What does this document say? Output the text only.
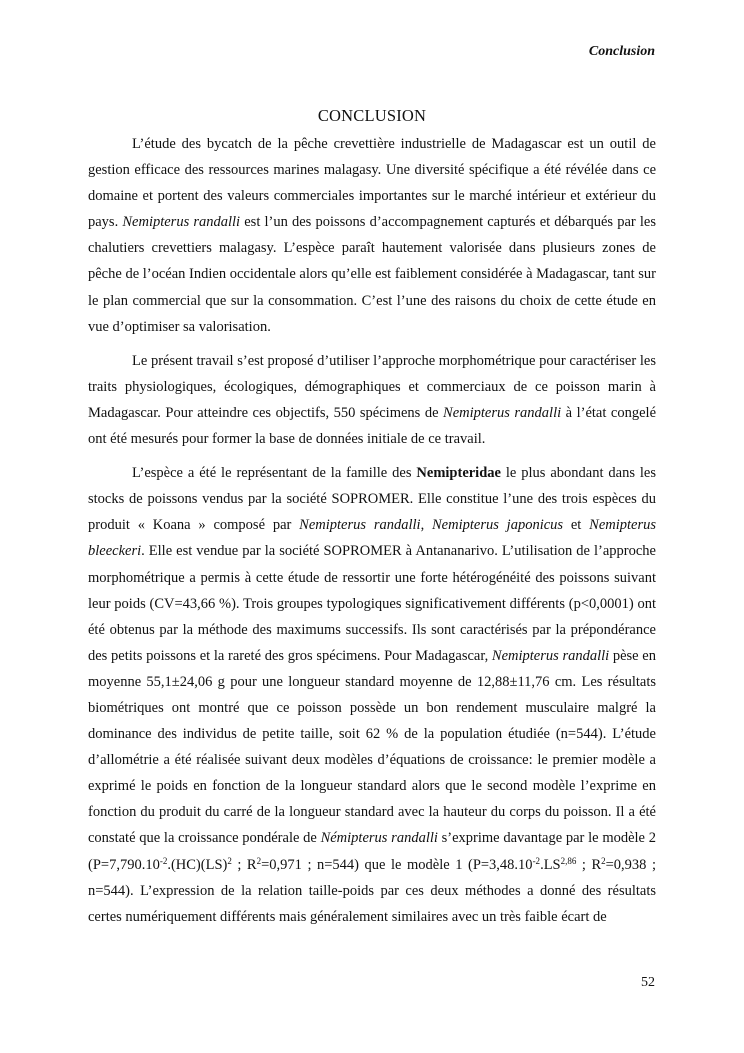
Conclusion
CONCLUSION

L’étude des bycatch de la pêche crevettière industrielle de Madagascar est un outil de gestion efficace des ressources marines malagasy. Une diversité spécifique a été révélée dans ce domaine et portent des valeurs commerciales importantes sur le marché intérieur et extérieur du pays. Nemipterus randalli est l’un des poissons d’accompagnement capturés et débarqués par les chalutiers crevettiers malagasy. L’espèce paraît hautement valorisée dans plusieurs zones de pêche de l’océan Indien occidentale alors qu’elle est faiblement considérée à Madagascar, tant sur le plan commercial que sur la consommation. C’est l’une des raisons du choix de cette étude en vue d’optimiser sa valorisation.

Le présent travail s’est proposé d’utiliser l’approche morphométrique pour caractériser les traits physiologiques, écologiques, démographiques et commerciaux de ce poisson marin à Madagascar. Pour atteindre ces objectifs, 550 spécimens de Nemipterus randalli à l’état congelé ont été mesurés pour former la base de données initiale de ce travail.

L’espèce a été le représentant de la famille des Nemipteridae le plus abondant dans les stocks de poissons vendus par la société SOPROMER. Elle constitue l’une des trois espèces du produit « Koana » composé par Nemipterus randalli, Nemipterus japonicus et Nemipterus bleeckeri. Elle est vendue par la société SOPROMER à Antananarivo. L’utilisation de l’approche morphométrique a permis à cette étude de ressortir une forte hétérogénéité des poissons suivant leur poids (CV=43,66 %). Trois groupes typologiques significativement différents (p<0,0001) ont été obtenus par la méthode des maximums successifs. Ils sont caractérisés par la prépondérance des petits poissons et la rareté des gros spécimens. Pour Madagascar, Nemipterus randalli pèse en moyenne 55,1±24,06 g pour une longueur standard moyenne de 12,88±11,76 cm. Les résultats biométriques ont montré que ce poisson possède un bon rendement musculaire malgré la dominance des individus de petite taille, soit 62 % de la population étudiée (n=544). L’étude d’allométrie a été réalisée suivant deux modèles d’équations de croissance: le premier modèle a exprimé le poids en fonction de la longueur standard alors que le second modèle l’exprime en fonction du produit du carré de la longueur standard avec la hauteur du corps du poisson. Il a été constaté que la croissance pondérale de Némipterus randalli s’exprime davantage par le modèle 2 ($P=7,790.10^{-2}.(HC)(LS)^2$ ; $R^2=0,971$ ; n=544) que le modèle 1 ($P=3,48.10^{-2}.LS^{2,86}$ ; $R^2=0,938$ ; n=544). L’expression de la relation taille-poids par ces deux méthodes a donné des résultats certes numériquement différents mais généralement similaires avec un très faible écart de

52
